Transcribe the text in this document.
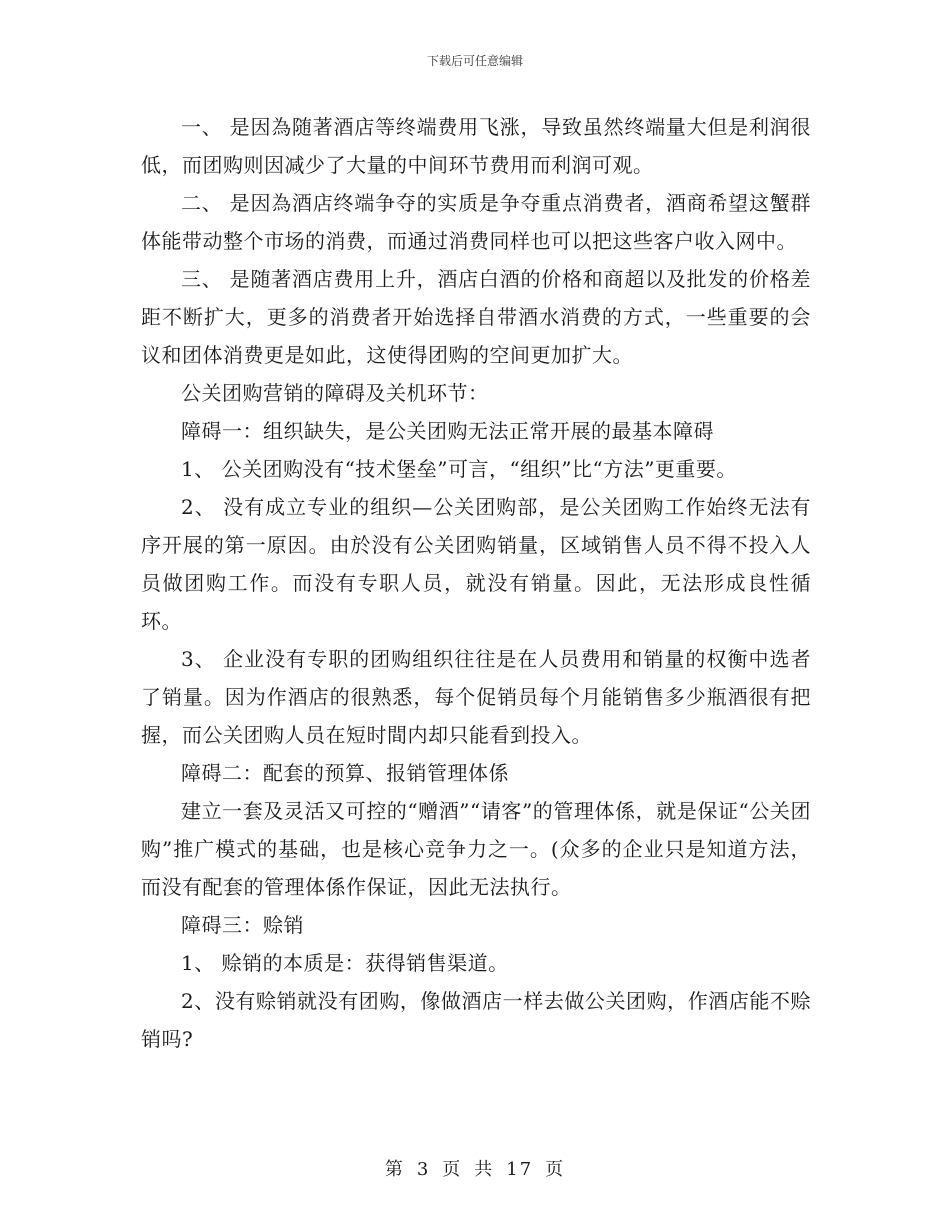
下载后可任意编辑

一、 是因為随著酒店等终端费用飞涨，导致虽然终端量大但是利润很低，而团购则因减少了大量的中间环节费用而利润可观。

二、 是因為酒店终端争夺的实质是争夺重点消费者，酒商希望这蟹群体能带动整个市场的消费，而通过消费同样也可以把这些客户收入网中。

三、 是随著酒店费用上升，酒店白酒的价格和商超以及批发的价格差距不断扩大，更多的消费者开始选择自带酒水消费的方式，一些重要的会议和团体消费更是如此，这使得团购的空间更加扩大。

公关团购营销的障碍及关机环节：

障碍一：组织缺失，是公关团购无法正常开展的最基本障碍

1、 公关团购没有“技术堡垒”可言，“组织”比“方法”更重要。

2、 没有成立专业的组织—公关团购部，是公关团购工作始终无法有序开展的第一原因。由於没有公关团购销量，区域销售人员不得不投入人员做团购工作。而没有专职人员，就没有销量。因此，无法形成良性循环。

3、 企业没有专职的团购组织往往是在人员费用和销量的权衡中选者了销量。因为作酒店的很熟悉，每个促销员每个月能销售多少瓶酒很有把握，而公关团购人员在短时間内却只能看到投入。

障碍二：配套的预算、报销管理体係

建立一套及灵活又可控的“赠酒”“请客”的管理体係，就是保证“公关团购”推广模式的基础，也是核心竞争力之一。(众多的企业只是知道方法，而没有配套的管理体係作保证，因此无法执行。

障碍三：赊销

1、 赊销的本质是：获得销售渠道。

2、没有赊销就没有团购，像做酒店一样去做公关团购，作酒店能不赊销吗?

第 3 页 共 17 页
